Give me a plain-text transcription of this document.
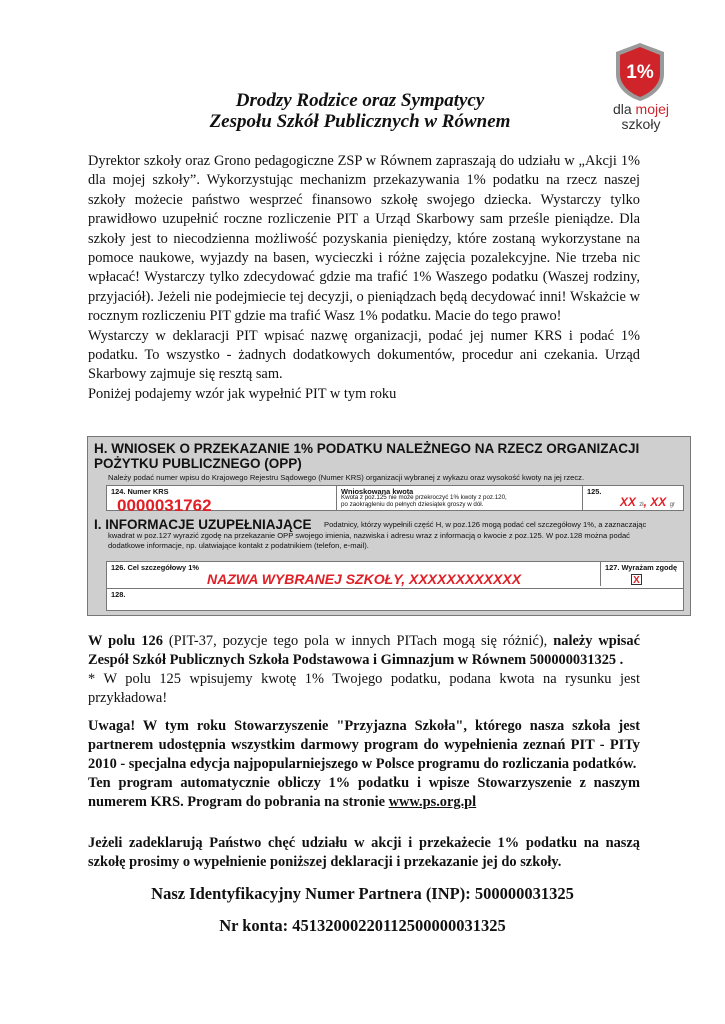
1%
dla mojej
szkoły
Drodzy Rodzice oraz Sympatycy
Zespołu Szkół Publicznych w Równem

Dyrektor szkoły oraz Grono pedagogiczne ZSP w Równem zapraszają do udziału w „Akcji 1% dla mojej szkoły”. Wykorzystując mechanizm przekazywania 1% podatku na rzecz naszej szkoły możecie państwo wesprzeć finansowo szkołę swojego dziecka. Wystarczy tylko prawidłowo uzupełnić roczne rozliczenie PIT a Urząd Skarbowy sam prześle pieniądze. Dla szkoły jest to niecodzienna możliwość pozyskania pieniędzy, które zostaną wykorzystane na pomoce naukowe, wyjazdy na basen, wycieczki i różne zajęcia pozalekcyjne. Nie trzeba nic wpłacać! Wystarczy tylko zdecydować gdzie ma trafić 1% Waszego podatku (Waszej rodziny, przyjaciół). Jeżeli nie podejmiecie tej decyzji, o pieniądzach będą decydować inni! Wskażcie w rocznym rozliczeniu PIT gdzie ma trafić Wasz 1% podatku. Macie do tego prawo!

Wystarczy w deklaracji PIT wpisać nazwę organizacji, podać jej numer KRS i podać 1% podatku. To wszystko - żadnych dodatkowych dokumentów, procedur ani czekania. Urząd Skarbowy zajmuje się resztą sam.

Poniżej podajemy wzór jak wypełnić PIT w tym roku

H. WNIOSEK O PRZEKAZANIE 1% PODATKU NALEŻNEGO NA RZECZ ORGANIZACJI POŻYTKU PUBLICZNEGO (OPP)
Należy podać numer wpisu do Krajowego Rejestru Sądowego (Numer KRS) organizacji wybranej z wykazu oraz wysokość kwoty na jej rzecz.
124. Numer KRS
0000031762
Wnioskowana kwota
Kwota z poz.125 nie może przekroczyć 1% kwoty z poz.120,
po zaokrągleniu do pełnych dziesiątek groszy w dół.
125.
XX zł, XX gr
I. INFORMACJE UZUPEŁNIAJĄCE	Podatnicy, którzy wypełnili część H, w poz.126 mogą podać cel szczegółowy 1%, a zaznaczając kwadrat w poz.127 wyrazić zgodę na przekazanie OPP swojego imienia, nazwiska i adresu wraz z informacją o kwocie z poz.125. W poz.128 można podać dodatkowe informacje, np. ulatwiające kontakt z podatnikiem (telefon, e-mail).
126. Cel szczegółowy 1%
NAZWA WYBRANEJ SZKOŁY, XXXXXXXXXXXX
127. Wyrażam zgodę
X
128.

W polu 126 (PIT-37, pozycje tego pola w innych PITach mogą się różnić), należy wpisać Zespół Szkół Publicznych Szkoła Podstawowa i Gimnazjum w Równem 500000031325 .

* W polu 125 wpisujemy kwotę 1% Twojego podatku, podana kwota na rysunku jest przykładowa!

Uwaga! W tym roku Stowarzyszenie "Przyjazna Szkoła", którego nasza szkoła jest partnerem udostępnia wszystkim darmowy program do wypełnienia zeznań PIT - PITy 2010 - specjalna edycja najpopularniejszego w Polsce programu do rozliczania podatków.

Ten program automatycznie obliczy 1% podatku i wpisze Stowarzyszenie z naszym numerem KRS. Program do pobrania na stronie www.ps.org.pl

Jeżeli zadeklarują Państwo chęć udziału w akcji i przekażecie 1% podatku na naszą szkołę prosimy o wypełnienie poniższej deklaracji i przekazanie jej do szkoły.
Nasz Identyfikacyjny Numer Partnera (INP): 500000031325
Nr konta: 45132000220112500000031325
